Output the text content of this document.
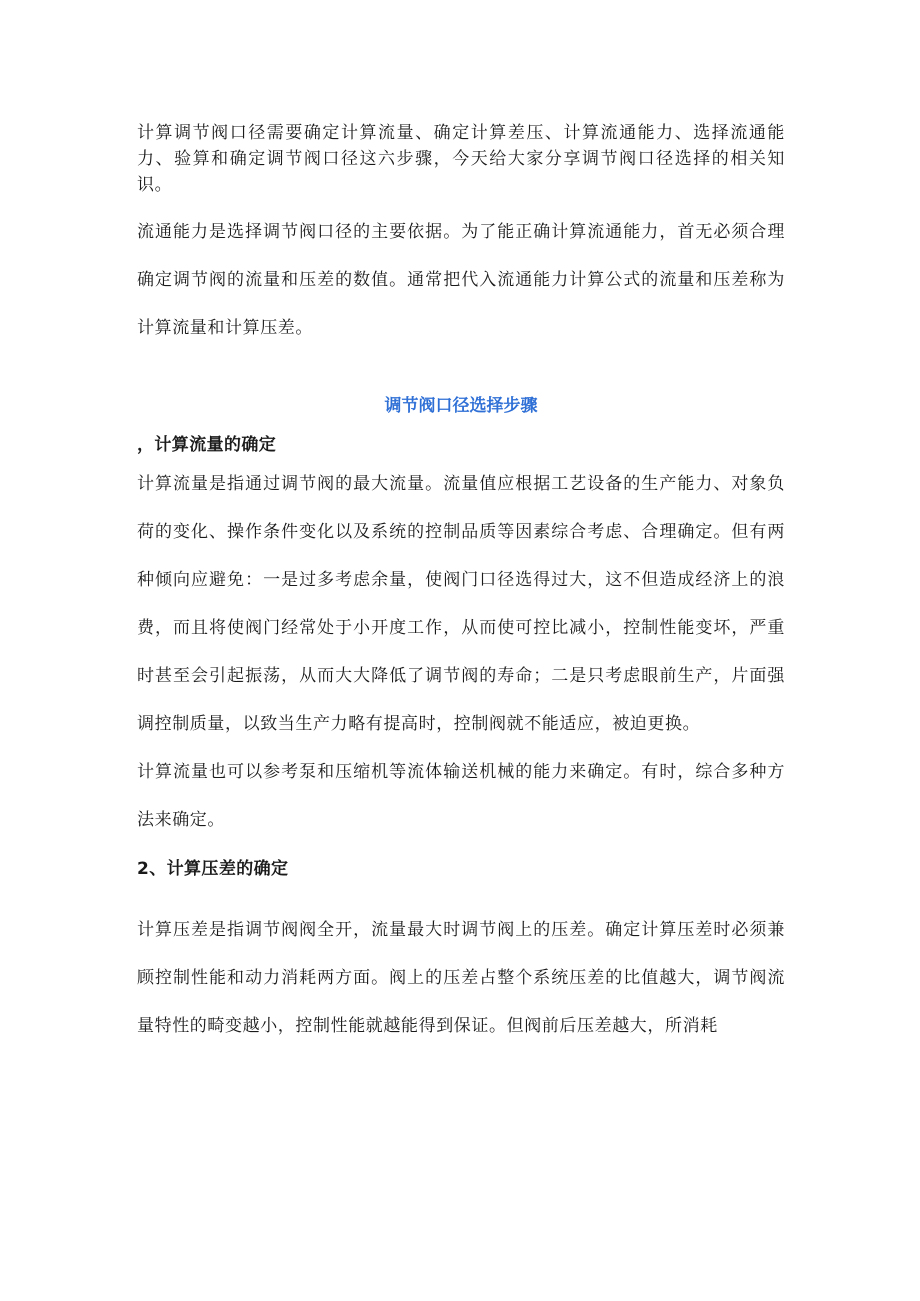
计算调节阀口径需要确定计算流量、确定计算差压、计算流通能力、选择流通能力、验算和确定调节阀口径这六步骤，今天给大家分享调节阀口径选择的相关知识。

流通能力是选择调节阀口径的主要依据。为了能正确计算流通能力，首无必须合理确定调节阀的流量和压差的数值。通常把代入流通能力计算公式的流量和压差称为计算流量和计算压差。

调节阀口径选择步骤
，计算流量的确定

计算流量是指通过调节阀的最大流量。流量值应根据工艺设备的生产能力、对象负荷的变化、操作条件变化以及系统的控制品质等因素综合考虑、合理确定。但有两种倾向应避免：一是过多考虑余量，使阀门口径选得过大，这不但造成经济上的浪费，而且将使阀门经常处于小开度工作，从而使可控比减小，控制性能变坏，严重时甚至会引起振荡，从而大大降低了调节阀的寿命；二是只考虑眼前生产，片面强调控制质量，以致当生产力略有提高时，控制阀就不能适应，被迫更换。

计算流量也可以参考泵和压缩机等流体输送机械的能力来确定。有时，综合多种方法来确定。

2、计算压差的确定

计算压差是指调节阀阀全开，流量最大时调节阀上的压差。确定计算压差时必须兼顾控制性能和动力消耗两方面。阀上的压差占整个系统压差的比值越大，调节阀流量特性的畸变越小，控制性能就越能得到保证。但阀前后压差越大，所消耗
